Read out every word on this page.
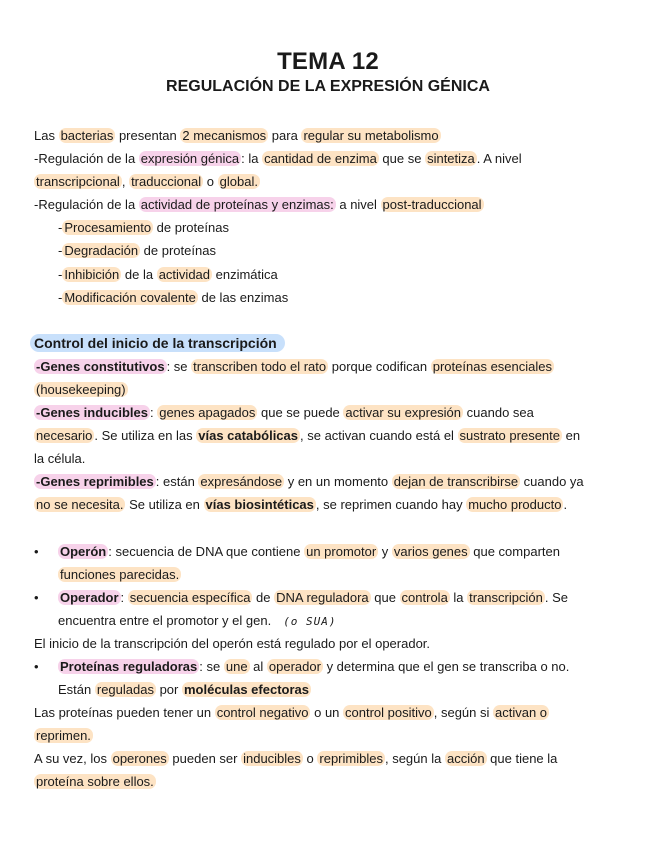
TEMA 12
REGULACIÓN DE LA EXPRESIÓN GÉNICA
Las bacterias presentan 2 mecanismos para regular su metabolismo
-Regulación de la expresión génica : la cantidad de enzima que se sintetiza . A nivel
transcripcional , traduccional o global.
-Regulación de la actividad de proteínas y enzimas: a nivel post-traduccional
- Procesamiento de proteínas
- Degradación de proteínas
- Inhibición de la actividad enzimática
- Modificación covalente de las enzimas
Control del inicio de la transcripción
-Genes constitutivos : se transcriben todo el rato porque codifican proteínas esenciales
(housekeeping)
-Genes inducibles : genes apagados que se puede activar su expresión cuando sea
necesario . Se utiliza en las vías catabólicas , se activan cuando está el sustrato presente en
la célula.
-Genes reprimibles : están expresándose y en un momento dejan de transcribirse cuando ya
no se necesita. Se utiliza en vías biosintéticas , se reprimen cuando hay mucho producto .
• Operón : secuencia de DNA que contiene un promotor y varios genes que comparten
funciones parecidas.
• Operador : secuencia específica de DNA reguladora que controla la transcripción . Se
encuentra entre el promotor y el gen. (o SUA)
El inicio de la transcripción del operón está regulado por el operador.
• Proteínas reguladoras : se une al operador y determina que el gen se transcriba o no.
Están reguladas por moléculas efectoras
Las proteínas pueden tener un control negativo o un control positivo , según si activan o
reprimen.
A su vez, los operones pueden ser inducibles o reprimibles , según la acción que tiene la
proteína sobre ellos.
